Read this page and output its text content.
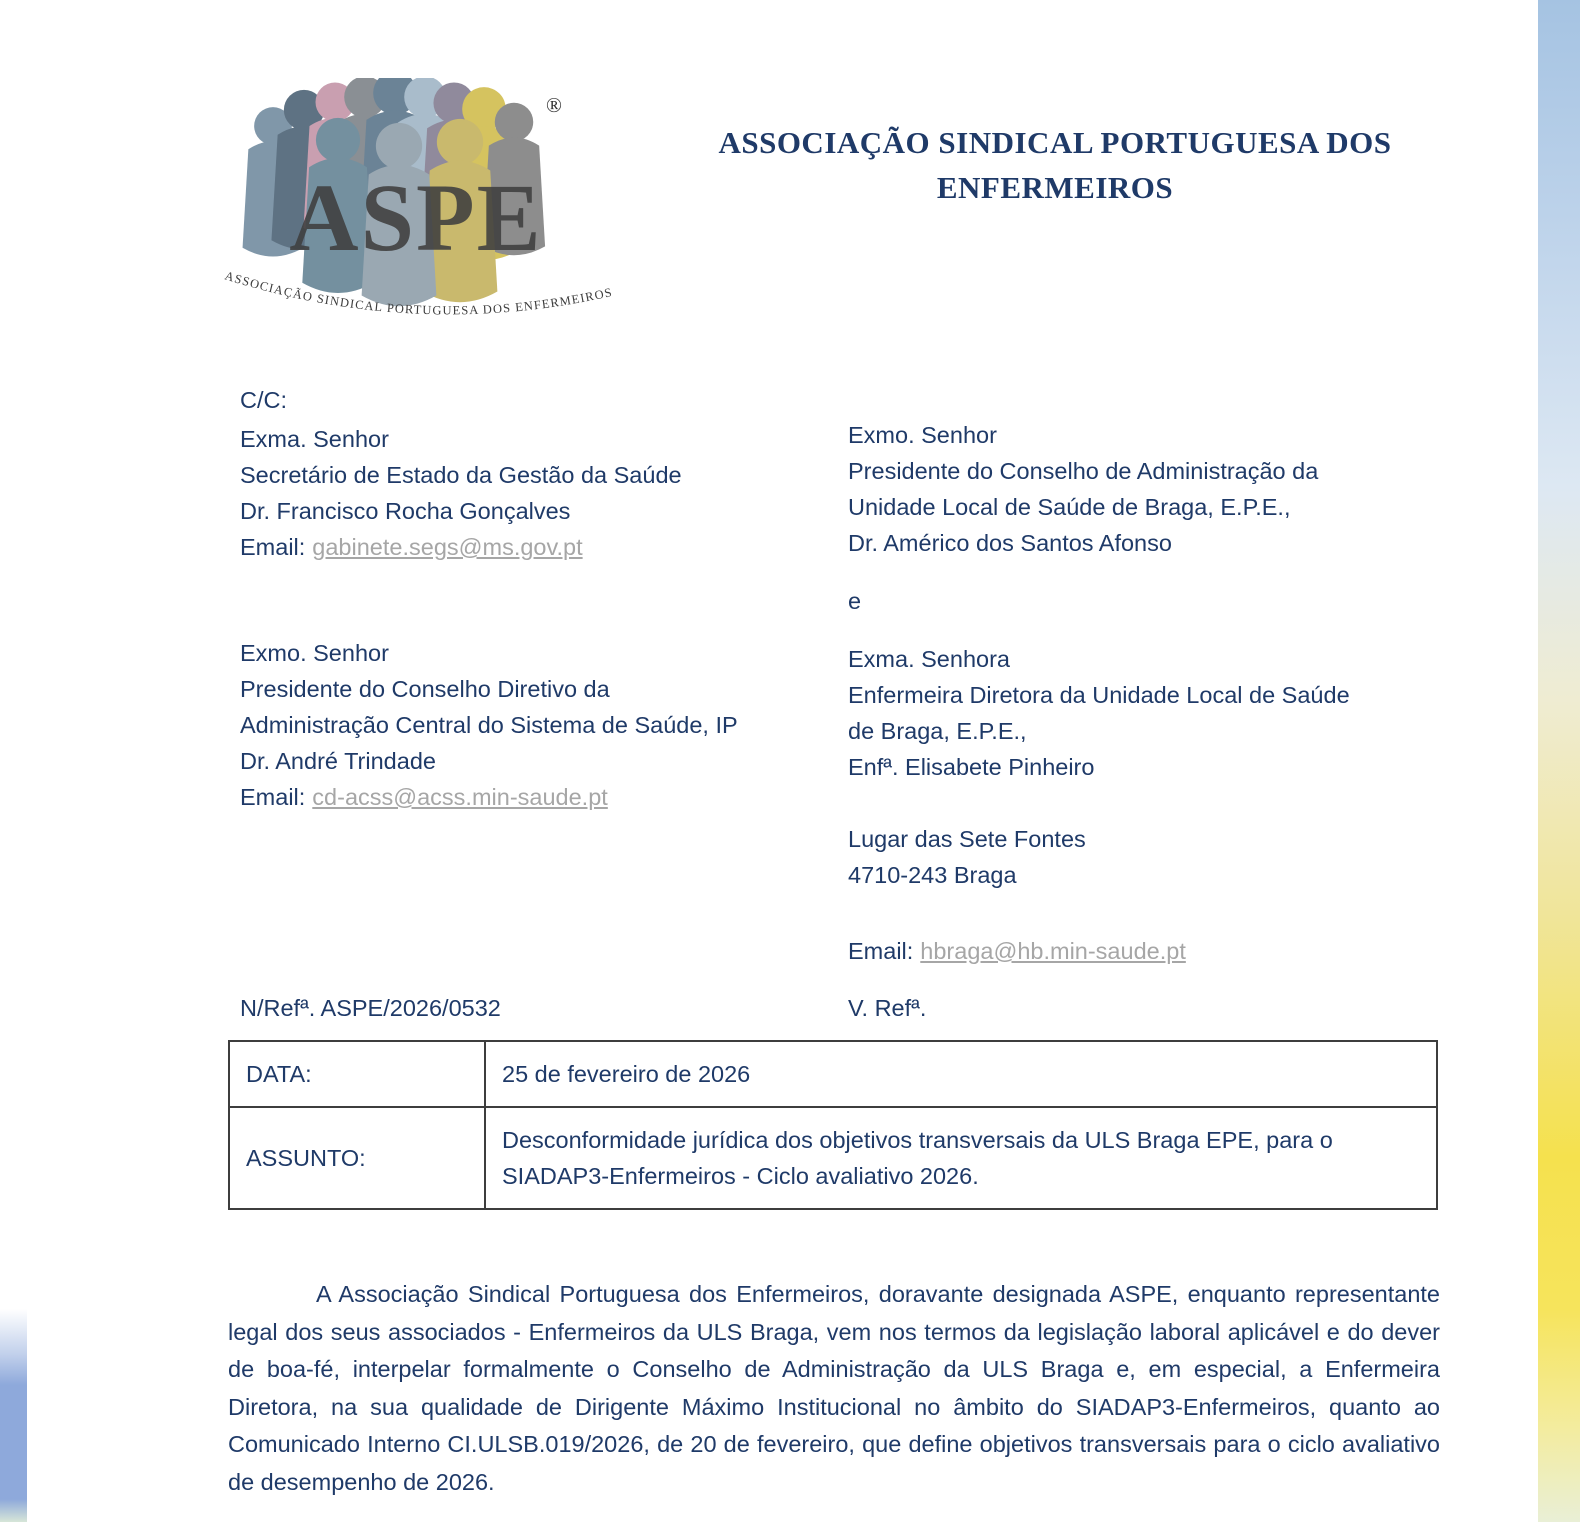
®
ASPE
ASSOCIAÇÃO SINDICAL PORTUGUESA DOS ENFERMEIROS
ASSOCIAÇÃO SINDICAL PORTUGUESA DOS ENFERMEIROS
C/C:
Exma. Senhor
Secretário de Estado da Gestão da Saúde
Dr. Francisco Rocha Gonçalves
Email: gabinete.segs@ms.gov.pt
Exmo. Senhor
Presidente do Conselho Diretivo da
Administração Central do Sistema de Saúde, IP
Dr. André Trindade
Email: cd-acss@acss.min-saude.pt
Exmo. Senhor
Presidente do Conselho de Administração da
Unidade Local de Saúde de Braga, E.P.E.,
Dr. Américo dos Santos Afonso
e
Exma. Senhora
Enfermeira Diretora da Unidade Local de Saúde
de Braga, E.P.E.,
Enfª. Elisabete Pinheiro
Lugar das Sete Fontes
4710-243 Braga
Email: hbraga@hb.min-saude.pt
N/Refª. ASPE/2026/0532	V. Refª.
DATA:	25 de fevereiro de 2026
ASSUNTO:	Desconformidade jurídica dos objetivos transversais da ULS Braga EPE, para o SIADAP3-Enfermeiros - Ciclo avaliativo 2026.
A Associação Sindical Portuguesa dos Enfermeiros, doravante designada ASPE, enquanto representante legal dos seus associados - Enfermeiros da ULS Braga, vem nos termos da legislação laboral aplicável e do dever de boa-fé, interpelar formalmente o Conselho de Administração da ULS Braga e, em especial, a Enfermeira Diretora, na sua qualidade de Dirigente Máximo Institucional no âmbito do SIADAP3-Enfermeiros, quanto ao Comunicado Interno CI.ULSB.019/2026, de 20 de fevereiro, que define objetivos transversais para o ciclo avaliativo de desempenho de 2026.
